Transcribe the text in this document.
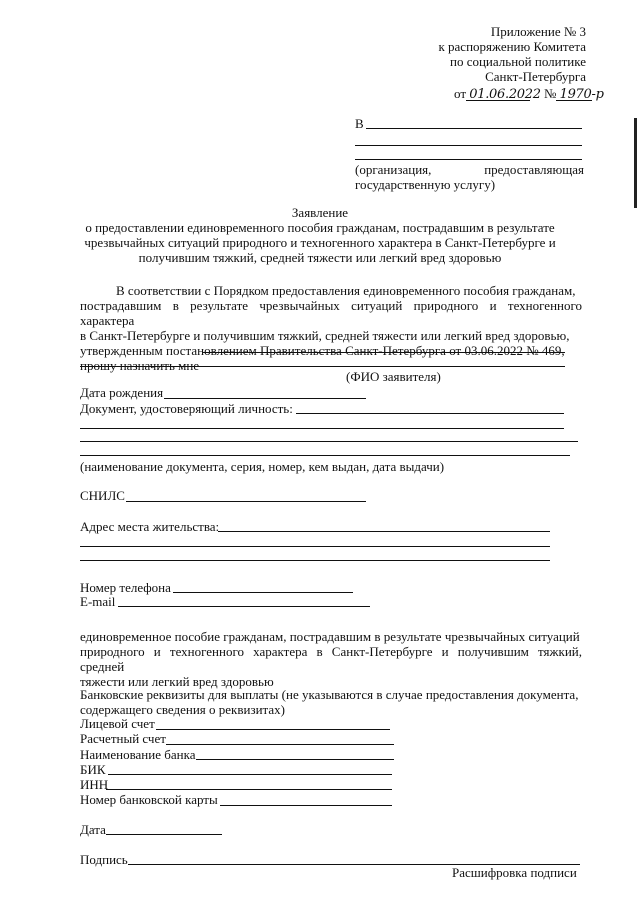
Приложение № 3
к распоряжению Комитета
по социальной политике
Санкт-Петербурга
от 01.06.2022 № 1970-р
В
(организация,	предоставляющая
государственную услугу)
Заявление
о предоставлении единовременного пособия гражданам, пострадавшим в результате
чрезвычайных ситуаций природного и техногенного характера в Санкт-Петербурге и
получившим тяжкий, средней тяжести или легкий вред здоровью
В соответствии с Порядком предоставления единовременного пособия гражданам,
пострадавшим в результате чрезвычайных ситуаций природного и техногенного характера
в Санкт-Петербурге и получившим тяжкий, средней тяжести или легкий вред здоровью,
утвержденным постановлением Правительства Санкт-Петербурга от 03.06.2022 № 469,
прошу назначить мне
(ФИО заявителя)
Дата рождения
Документ, удостоверяющий личность:
(наименование документа, серия, номер, кем выдан, дата выдачи)
СНИЛС
Адрес места жительства:
Номер телефона
E-mail
единовременное пособие гражданам, пострадавшим в результате чрезвычайных ситуаций
природного и техногенного характера в Санкт-Петербурге и получившим тяжкий, средней
тяжести или легкий вред здоровью
Банковские реквизиты для выплаты (не указываются в случае предоставления документа,
содержащего сведения о реквизитах)
Лицевой счет
Расчетный счет
Наименование банка
БИК
ИНН
Номер банковской карты
Дата
Подпись
Расшифровка подписи
